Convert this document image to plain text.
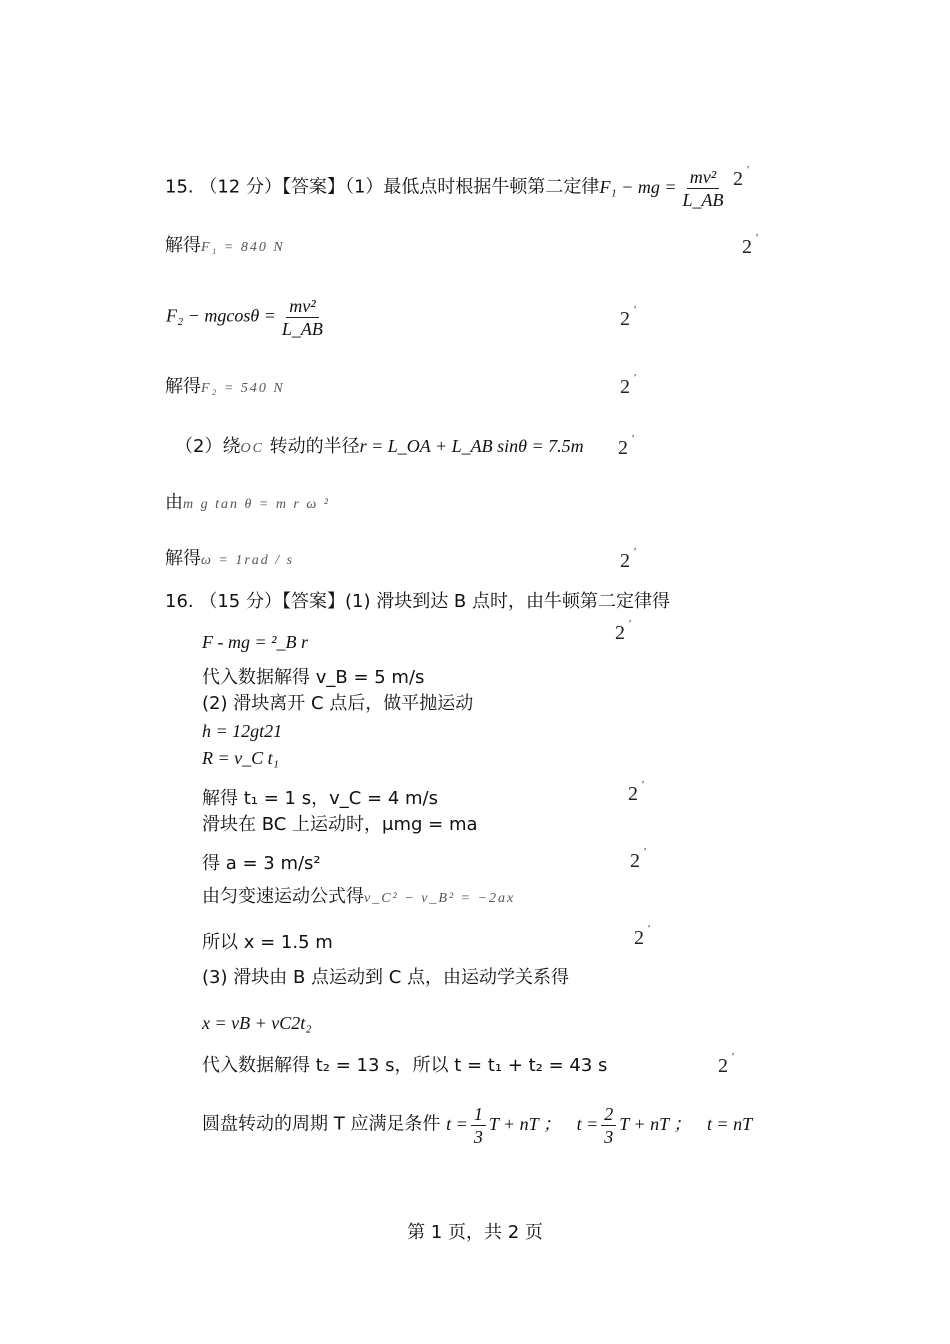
15. （12 分）【答案】（1）最低点时根据牛顿第二定律F₁ − mg = $\frac{\text{mv²}}{L\_AB} 2$ ′
解得F₁ = 840 N	2 ′
$F_2 - mgcos\theta = \frac{\text{mv²}}{L\_AB}$	2 ′
解得F₂ = 540 N	2 ′
（2）绕OC 转动的半径r = L_OA + L_AB sinθ = 7.5m 2 ′
由m g tan θ = m r ω ²
解得ω = 1rad / s	2 ′
16. （15 分）【答案】(1) 滑块到达 B 点时，由牛顿第二定律得
F - mg = ²_B r	2 ′
代入数据解得 v_B = 5 m/s
(2) 滑块离开 C 点后，做平抛运动
h = 12gt21
R = v_C t₁
解得 t₁ = 1 s，v_C = 4 m/s	2 ′
滑块在 BC 上运动时，μmg = ma
得 a = 3 m/s²	2 ′
由匀变速运动公式得v_C² − v_B² = −2ax
所以 x = 1.5 m	2 ′
(3) 滑块由 B 点运动到 C 点，由运动学关系得
x = vB + vC2t₂
代入数据解得 t₂ = 13 s，所以 t = t₁ + t₂ = 43 s	2 ′
圆盘转动的周期 T 应满足条件 $t = \frac{1}{3}$ T + nT ； $t = \frac{2}{3}$ T + nT ； t = nT
第 1 页，共 2 页
